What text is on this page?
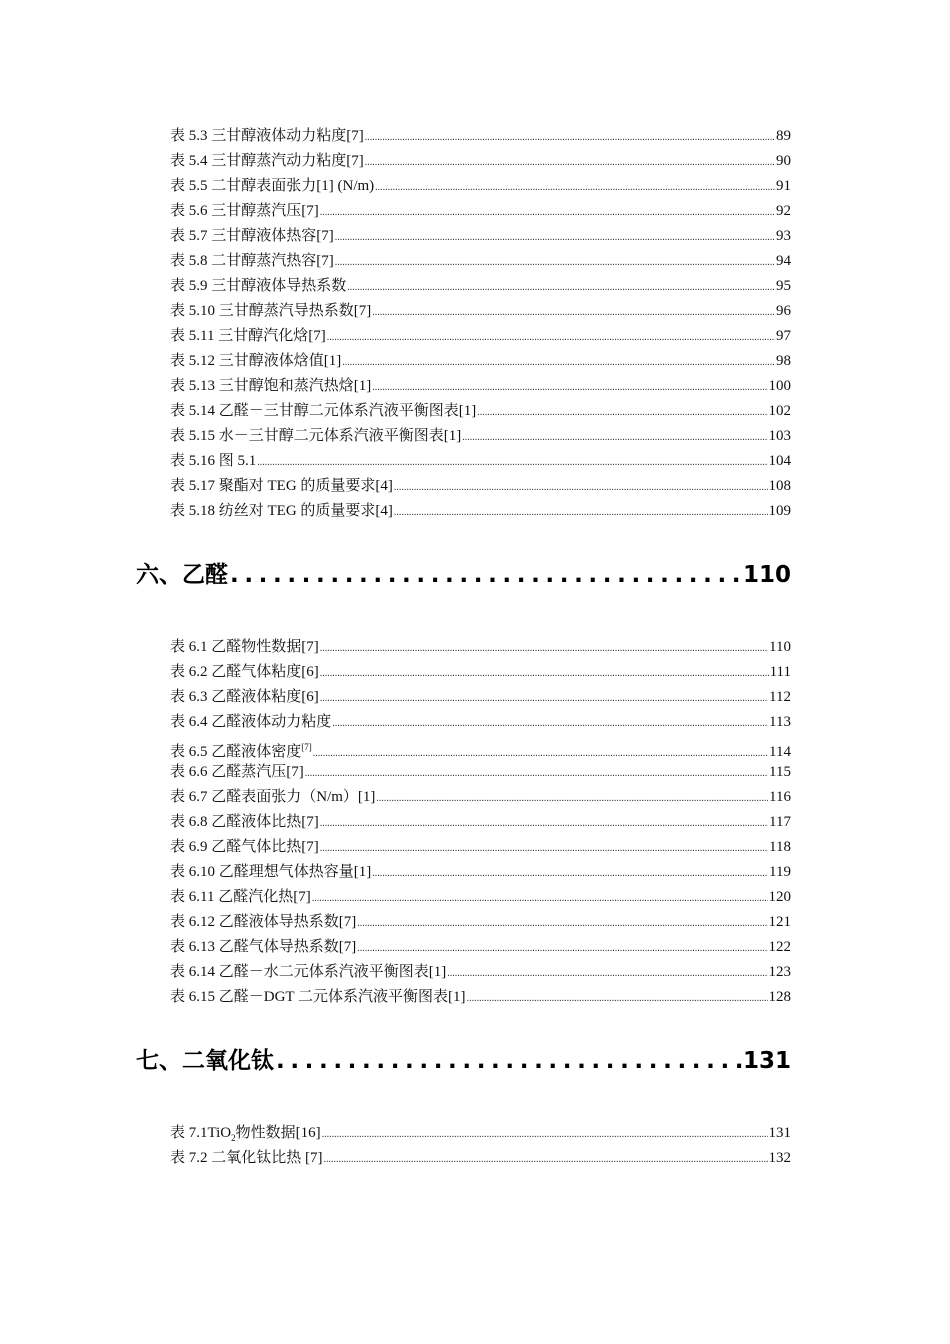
表 5.3 三甘醇液体动力粘度[7] .....	89
表 5.4 三甘醇蒸汽动力粘度[7] .....	90
表 5.5 二甘醇表面张力[1] (N/m) .....	91
表 5.6 三甘醇蒸汽压[7] .....	92
表 5.7 三甘醇液体热容[7] .....	93
表 5.8 二甘醇蒸汽热容[7] .....	94
表 5.9 三甘醇液体导热系数 .....	95
表 5.10 三甘醇蒸汽导热系数[7] .....	96
表 5.11 三甘醇汽化焓[7] .....	97
表 5.12 三甘醇液体焓值[1] .....	98
表 5.13 三甘醇饱和蒸汽热焓[1] .....	100
表 5.14 乙醛－三甘醇二元体系汽液平衡图表[1] .....	102
表 5.15 水－三甘醇二元体系汽液平衡图表[1] .....	103
表 5.16 图 5.1 .....	104
表 5.17 聚酯对 TEG 的质量要求[4] .....	108
表 5.18 纺丝对 TEG 的质量要求[4] .....	109
六、乙醛 .....	110
表 6.1 乙醛物性数据[7] .....	110
表 6.2 乙醛气体粘度[6] .....	111
表 6.3 乙醛液体粘度[6] .....	112
表 6.4 乙醛液体动力粘度 .....	113
表 6.5 乙醛液体密度[7] .....	114
表 6.6 乙醛蒸汽压[7] .....	115
表 6.7 乙醛表面张力（N/m）[1] .....	116
表 6.8 乙醛液体比热[7] .....	117
表 6.9 乙醛气体比热[7] .....	118
表 6.10 乙醛理想气体热容量[1] .....	119
表 6.11 乙醛汽化热[7] .....	120
表 6.12 乙醛液体导热系数[7] .....	121
表 6.13 乙醛气体导热系数[7] .....	122
表 6.14 乙醛－水二元体系汽液平衡图表[1] .....	123
表 6.15 乙醛－DGT 二元体系汽液平衡图表[1] .....	128
七、二氧化钛 .....	131
表 7.1TiO$_2$物性数据[16] .....	131
表 7.2 二氧化钛比热 [7] .....	132
